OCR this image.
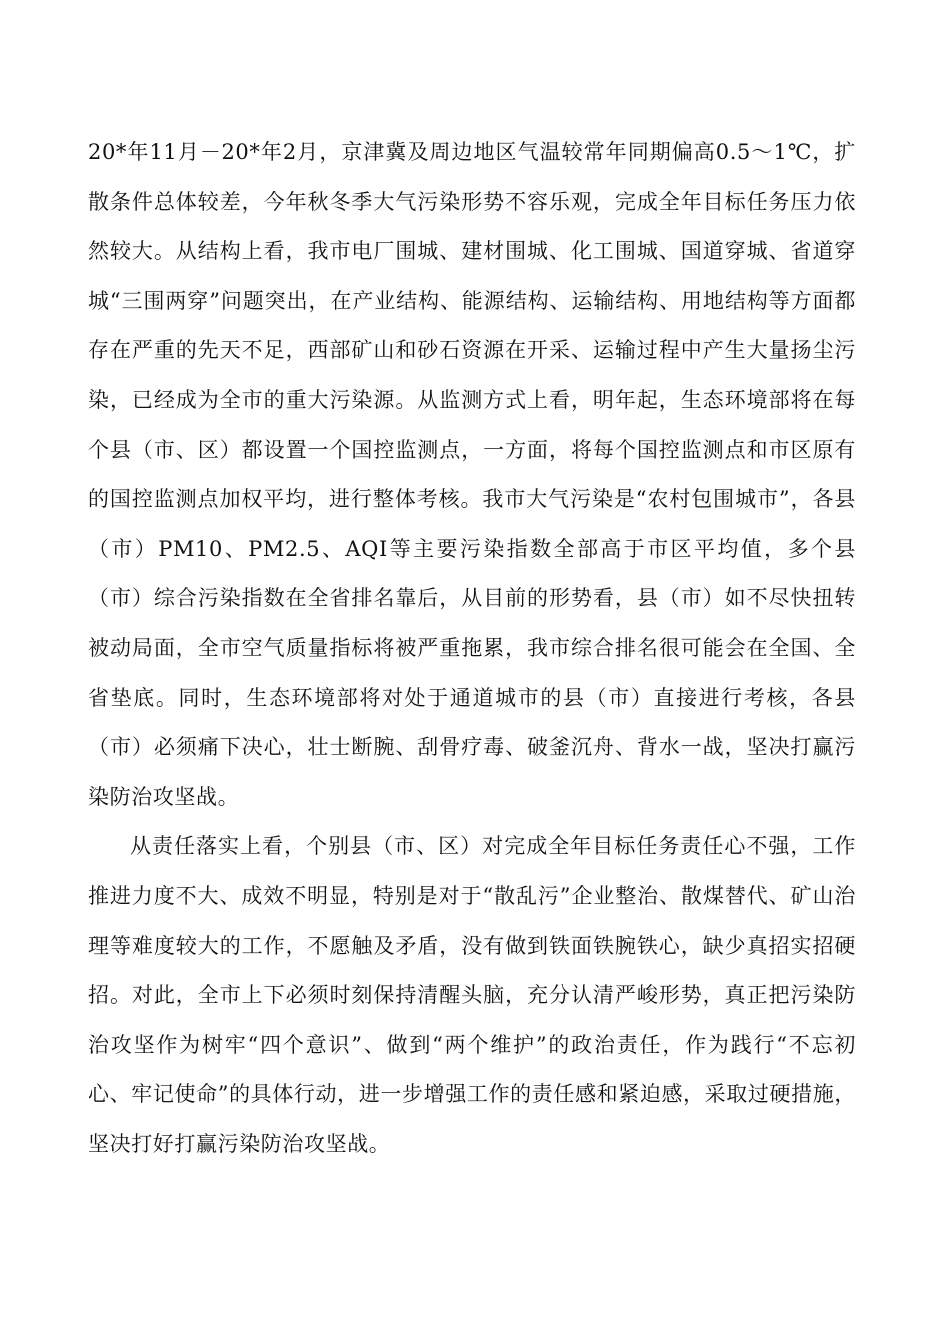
20*年11月－20*年2月，京津冀及周边地区气温较常年同期偏高0.5～1℃，扩散条件总体较差，今年秋冬季大气污染形势不容乐观，完成全年目标任务压力依然较大。从结构上看，我市电厂围城、建材围城、化工围城、国道穿城、省道穿城“三围两穿”问题突出，在产业结构、能源结构、运输结构、用地结构等方面都存在严重的先天不足，西部矿山和砂石资源在开采、运输过程中产生大量扬尘污染，已经成为全市的重大污染源。从监测方式上看，明年起，生态环境部将在每个县（市、区）都设置一个国控监测点，一方面，将每个国控监测点和市区原有的国控监测点加权平均，进行整体考核。我市大气污染是“农村包围城市”，各县（市）PM10、PM2.5、AQI等主要污染指数全部高于市区平均值，多个县（市）综合污染指数在全省排名靠后，从目前的形势看，县（市）如不尽快扭转被动局面，全市空气质量指标将被严重拖累，我市综合排名很可能会在全国、全省垫底。同时，生态环境部将对处于通道城市的县（市）直接进行考核，各县（市）必须痛下决心，壮士断腕、刮骨疗毒、破釜沉舟、背水一战，坚决打赢污染防治攻坚战。

从责任落实上看，个别县（市、区）对完成全年目标任务责任心不强，工作推进力度不大、成效不明显，特别是对于“散乱污”企业整治、散煤替代、矿山治理等难度较大的工作，不愿触及矛盾，没有做到铁面铁腕铁心，缺少真招实招硬招。对此，全市上下必须时刻保持清醒头脑，充分认清严峻形势，真正把污染防治攻坚作为树牢“四个意识”、做到“两个维护”的政治责任，作为践行“不忘初心、牢记使命”的具体行动，进一步增强工作的责任感和紧迫感，采取过硬措施，坚决打好打赢污染防治攻坚战。
